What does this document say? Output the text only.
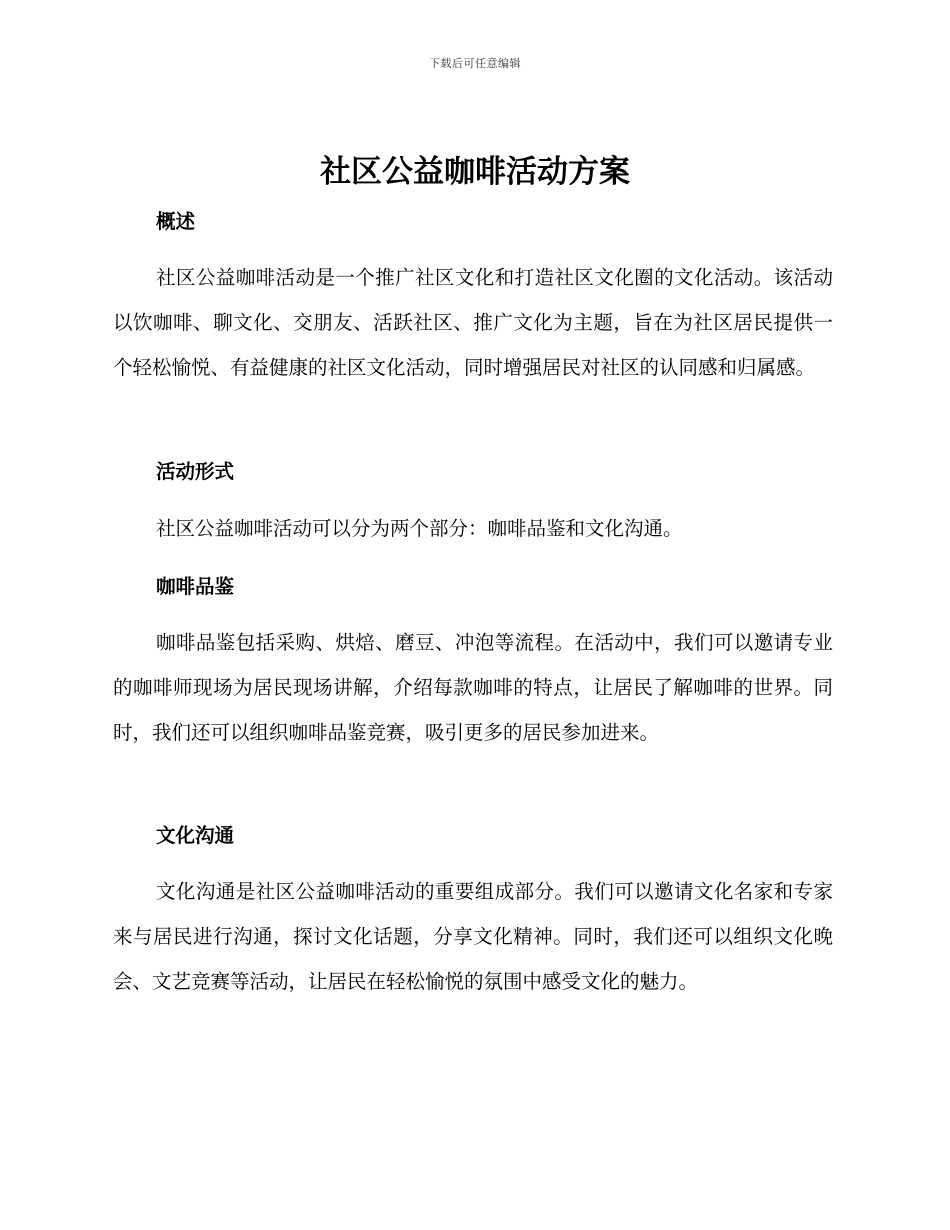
下载后可任意编辑
社区公益咖啡活动方案
概述

社区公益咖啡活动是一个推广社区文化和打造社区文化圈的文化活动。该活动以饮咖啡、聊文化、交朋友、活跃社区、推广文化为主题，旨在为社区居民提供一个轻松愉悦、有益健康的社区文化活动，同时增强居民对社区的认同感和归属感。

活动形式

社区公益咖啡活动可以分为两个部分：咖啡品鉴和文化沟通。

咖啡品鉴

咖啡品鉴包括采购、烘焙、磨豆、冲泡等流程。在活动中，我们可以邀请专业的咖啡师现场为居民现场讲解，介绍每款咖啡的特点，让居民了解咖啡的世界。同时，我们还可以组织咖啡品鉴竞赛，吸引更多的居民参加进来。

文化沟通

文化沟通是社区公益咖啡活动的重要组成部分。我们可以邀请文化名家和专家来与居民进行沟通，探讨文化话题，分享文化精神。同时，我们还可以组织文化晚会、文艺竞赛等活动，让居民在轻松愉悦的氛围中感受文化的魅力。
